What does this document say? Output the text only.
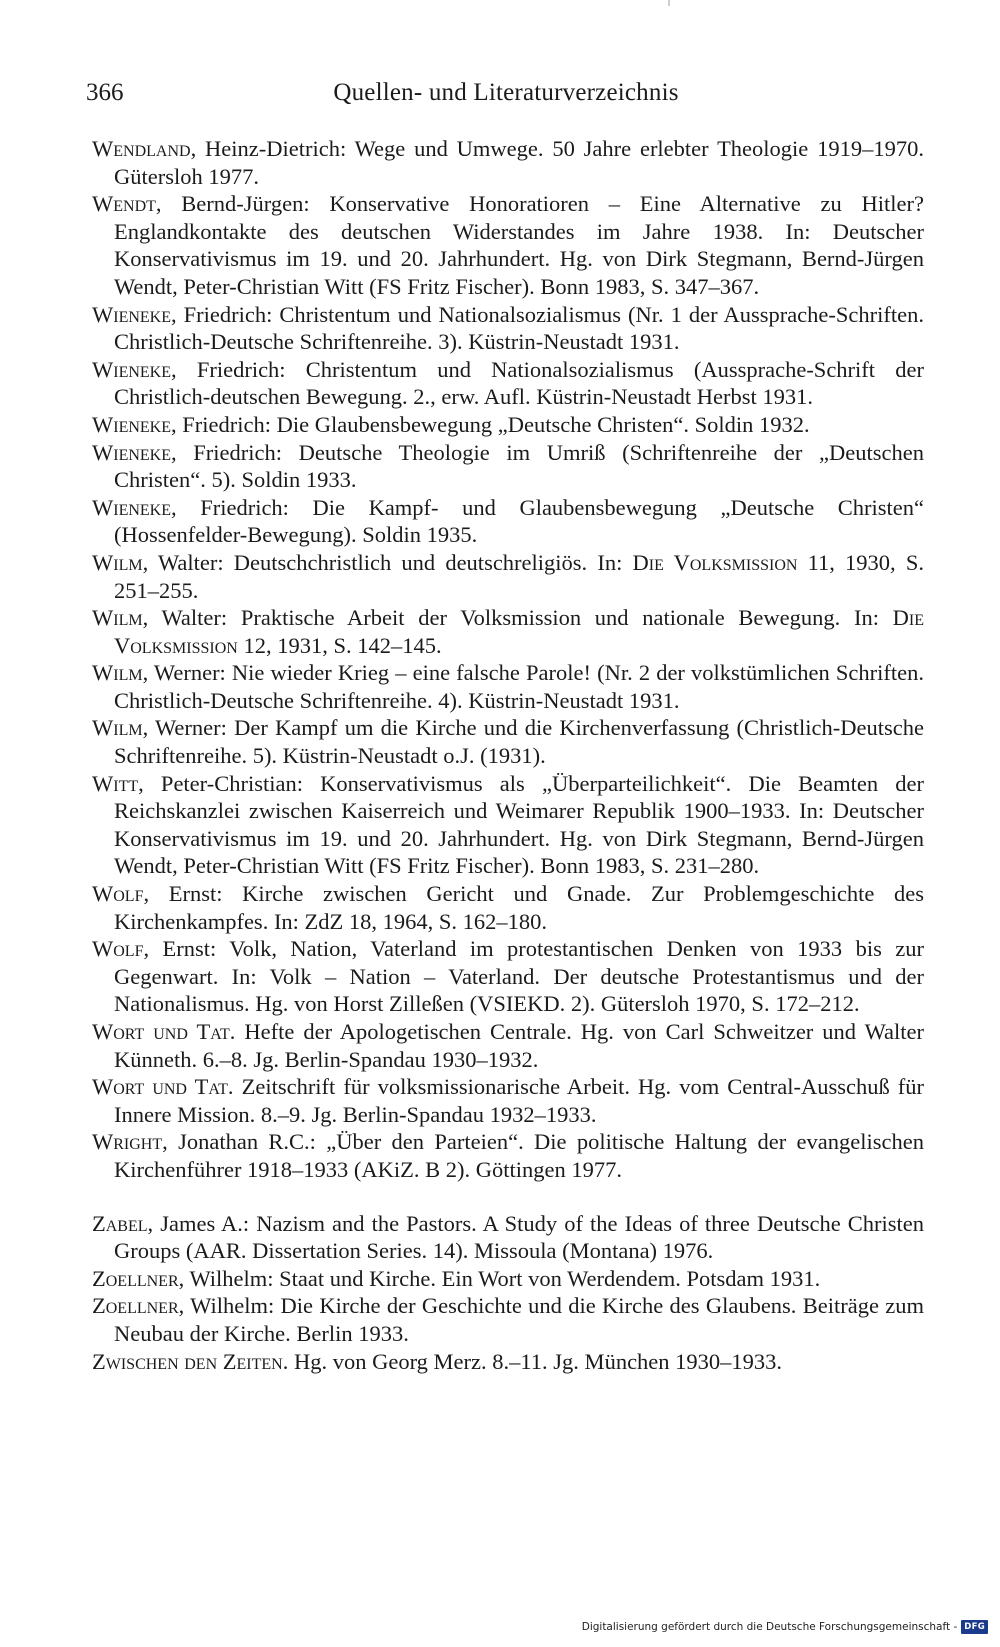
366	Quellen- und Literaturverzeichnis

Wendland, Heinz-Dietrich: Wege und Umwege. 50 Jahre erlebter Theologie 1919–1970. Gütersloh 1977.

Wendt, Bernd-Jürgen: Konservative Honoratioren – Eine Alternative zu Hitler? Englandkontakte des deutschen Widerstandes im Jahre 1938. In: Deutscher Konservativismus im 19. und 20. Jahrhundert. Hg. von Dirk Stegmann, Bernd-Jürgen Wendt, Peter-Christian Witt (FS Fritz Fischer). Bonn 1983, S. 347–367.

Wieneke, Friedrich: Christentum und Nationalsozialismus (Nr. 1 der Aussprache-Schriften. Christlich-Deutsche Schriftenreihe. 3). Küstrin-Neustadt 1931.

Wieneke, Friedrich: Christentum und Nationalsozialismus (Aussprache-Schrift der Christlich-deutschen Bewegung. 2., erw. Aufl. Küstrin-Neustadt Herbst 1931.

Wieneke, Friedrich: Die Glaubensbewegung „Deutsche Christen“. Soldin 1932.

Wieneke, Friedrich: Deutsche Theologie im Umriß (Schriftenreihe der „Deutschen Christen“. 5). Soldin 1933.

Wieneke, Friedrich: Die Kampf- und Glaubensbewegung „Deutsche Christen“ (Hossenfelder-Bewegung). Soldin 1935.

Wilm, Walter: Deutschchristlich und deutschreligiös. In: Die Volksmission 11, 1930, S. 251–255.

Wilm, Walter: Praktische Arbeit der Volksmission und nationale Bewegung. In: Die Volksmission 12, 1931, S. 142–145.

Wilm, Werner: Nie wieder Krieg – eine falsche Parole! (Nr. 2 der volkstümlichen Schriften. Christlich-Deutsche Schriftenreihe. 4). Küstrin-Neustadt 1931.

Wilm, Werner: Der Kampf um die Kirche und die Kirchenverfassung (Christlich-Deutsche Schriftenreihe. 5). Küstrin-Neustadt o.J. (1931).

Witt, Peter-Christian: Konservativismus als „Überparteilichkeit“. Die Beamten der Reichskanzlei zwischen Kaiserreich und Weimarer Republik 1900–1933. In: Deutscher Konservativismus im 19. und 20. Jahrhundert. Hg. von Dirk Stegmann, Bernd-Jürgen Wendt, Peter-Christian Witt (FS Fritz Fischer). Bonn 1983, S. 231–280.

Wolf, Ernst: Kirche zwischen Gericht und Gnade. Zur Problemgeschichte des Kirchenkampfes. In: ZdZ 18, 1964, S. 162–180.

Wolf, Ernst: Volk, Nation, Vaterland im protestantischen Denken von 1933 bis zur Gegenwart. In: Volk – Nation – Vaterland. Der deutsche Protestantismus und der Nationalismus. Hg. von Horst Zilleßen (VSIEKD. 2). Gütersloh 1970, S. 172–212.

Wort und Tat. Hefte der Apologetischen Centrale. Hg. von Carl Schweitzer und Walter Künneth. 6.–8. Jg. Berlin-Spandau 1930–1932.

Wort und Tat. Zeitschrift für volksmissionarische Arbeit. Hg. vom Central-Ausschuß für Innere Mission. 8.–9. Jg. Berlin-Spandau 1932–1933.

Wright, Jonathan R.C.: „Über den Parteien“. Die politische Haltung der evangelischen Kirchenführer 1918–1933 (AKiZ. B 2). Göttingen 1977.

Zabel, James A.: Nazism and the Pastors. A Study of the Ideas of three Deutsche Christen Groups (AAR. Dissertation Series. 14). Missoula (Montana) 1976.

Zoellner, Wilhelm: Staat und Kirche. Ein Wort von Werdendem. Potsdam 1931.

Zoellner, Wilhelm: Die Kirche der Geschichte und die Kirche des Glaubens. Beiträge zum Neubau der Kirche. Berlin 1933.

Zwischen den Zeiten. Hg. von Georg Merz. 8.–11. Jg. München 1930–1933.

Digitalisierung gefördert durch die Deutsche Forschungsgemeinschaft - DFG
